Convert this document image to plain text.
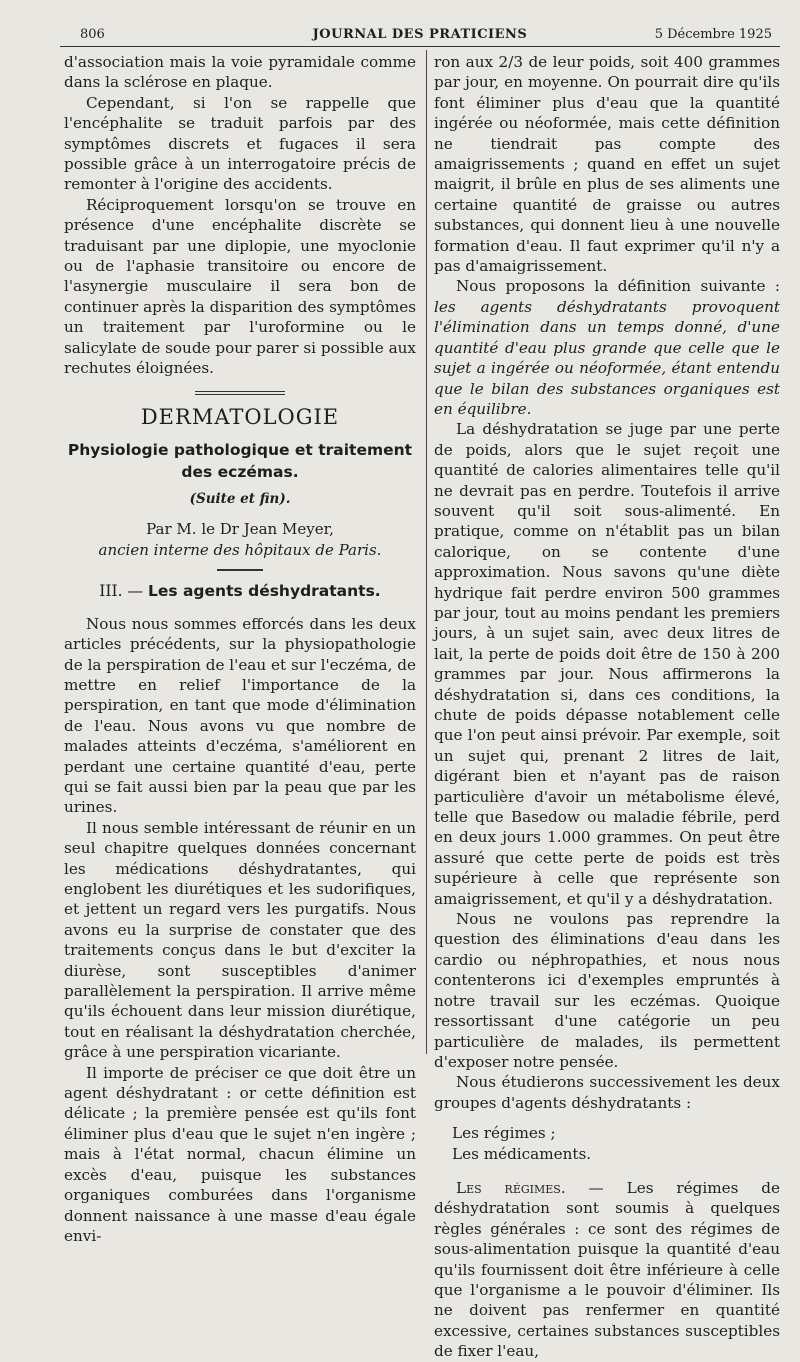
806	JOURNAL DES PRATICIENS	5 Décembre 1925

d'association mais la voie pyramidale comme dans la sclérose en plaque.

Cependant, si l'on se rappelle que l'encéphalite se traduit parfois par des symptômes discrets et fugaces il sera possible grâce à un interrogatoire précis de remonter à l'origine des accidents.

Réciproquement lorsqu'on se trouve en présence d'une encéphalite discrète se traduisant par une diplopie, une myoclonie ou de l'aphasie transitoire ou encore de l'asynergie musculaire il sera bon de continuer après la disparition des symptômes un traitement par l'uroformine ou le salicylate de soude pour parer si possible aux rechutes éloignées.

DERMATOLOGIE
Physiologie pathologique et traitement des eczémas.
(Suite et fin).
Par M. le Dr Jean Meyer,
ancien interne des hôpitaux de Paris.
III. — Les agents déshydratants.

Nous nous sommes efforcés dans les deux articles précédents, sur la physiopathologie de la perspiration de l'eau et sur l'eczéma, de mettre en relief l'importance de la perspiration, en tant que mode d'élimination de l'eau. Nous avons vu que nombre de malades atteints d'eczéma, s'améliorent en perdant une certaine quantité d'eau, perte qui se fait aussi bien par la peau que par les urines.

Il nous semble intéressant de réunir en un seul chapitre quelques données concernant les médications déshydratantes, qui englobent les diurétiques et les sudorifiques, et jettent un regard vers les purgatifs. Nous avons eu la surprise de constater que des traitements conçus dans le but d'exciter la diurèse, sont susceptibles d'animer parallèlement la perspiration. Il arrive même qu'ils échouent dans leur mission diurétique, tout en réalisant la déshydratation cherchée, grâce à une perspiration vicariante.

Il importe de préciser ce que doit être un agent déshydratant : or cette définition est délicate ; la première pensée est qu'ils font éliminer plus d'eau que le sujet n'en ingère ; mais à l'état normal, chacun élimine un excès d'eau, puisque les substances organiques comburées dans l'organisme donnent naissance à une masse d'eau égale envi-

ron aux 2/3 de leur poids, soit 400 grammes par jour, en moyenne. On pourrait dire qu'ils font éliminer plus d'eau que la quantité ingérée ou néoformée, mais cette définition ne tiendrait pas compte des amaigrissements ; quand en effet un sujet maigrit, il brûle en plus de ses aliments une certaine quantité de graisse ou autres substances, qui donnent lieu à une nouvelle formation d'eau. Il faut exprimer qu'il n'y a pas d'amaigrissement.

Nous proposons la définition suivante : les agents déshydratants provoquent l'élimination dans un temps donné, d'une quantité d'eau plus grande que celle que le sujet a ingérée ou néoformée, étant entendu que le bilan des substances organiques est en équilibre.

La déshydratation se juge par une perte de poids, alors que le sujet reçoit une quantité de calories alimentaires telle qu'il ne devrait pas en perdre. Toutefois il arrive souvent qu'il soit sous-alimenté. En pratique, comme on n'établit pas un bilan calorique, on se contente d'une approximation. Nous savons qu'une diète hydrique fait perdre environ 500 grammes par jour, tout au moins pendant les premiers jours, à un sujet sain, avec deux litres de lait, la perte de poids doit être de 150 à 200 grammes par jour. Nous affirmerons la déshydratation si, dans ces conditions, la chute de poids dépasse notablement celle que l'on peut ainsi prévoir. Par exemple, soit un sujet qui, prenant 2 litres de lait, digérant bien et n'ayant pas de raison particulière d'avoir un métabolisme élevé, telle que Basedow ou maladie fébrile, perd en deux jours 1.000 grammes. On peut être assuré que cette perte de poids est très supérieure à celle que représente son amaigrissement, et qu'il y a déshydratation.

Nous ne voulons pas reprendre la question des éliminations d'eau dans les cardio ou néphropathies, et nous nous contenterons ici d'exemples empruntés à notre travail sur les eczémas. Quoique ressortissant d'une catégorie un peu particulière de malades, ils permettent d'exposer notre pensée.

Nous étudierons successivement les deux groupes d'agents déshydratants :

Les régimes ;

Les médicaments.

Les régimes. — Les régimes de déshydratation sont soumis à quelques règles générales : ce sont des régimes de sous-alimentation puisque la quantité d'eau qu'ils fournissent doit être inférieure à celle que l'organisme a le pouvoir d'éliminer. Ils ne doivent pas renfermer en quantité excessive, certaines substances susceptibles de fixer l'eau,
